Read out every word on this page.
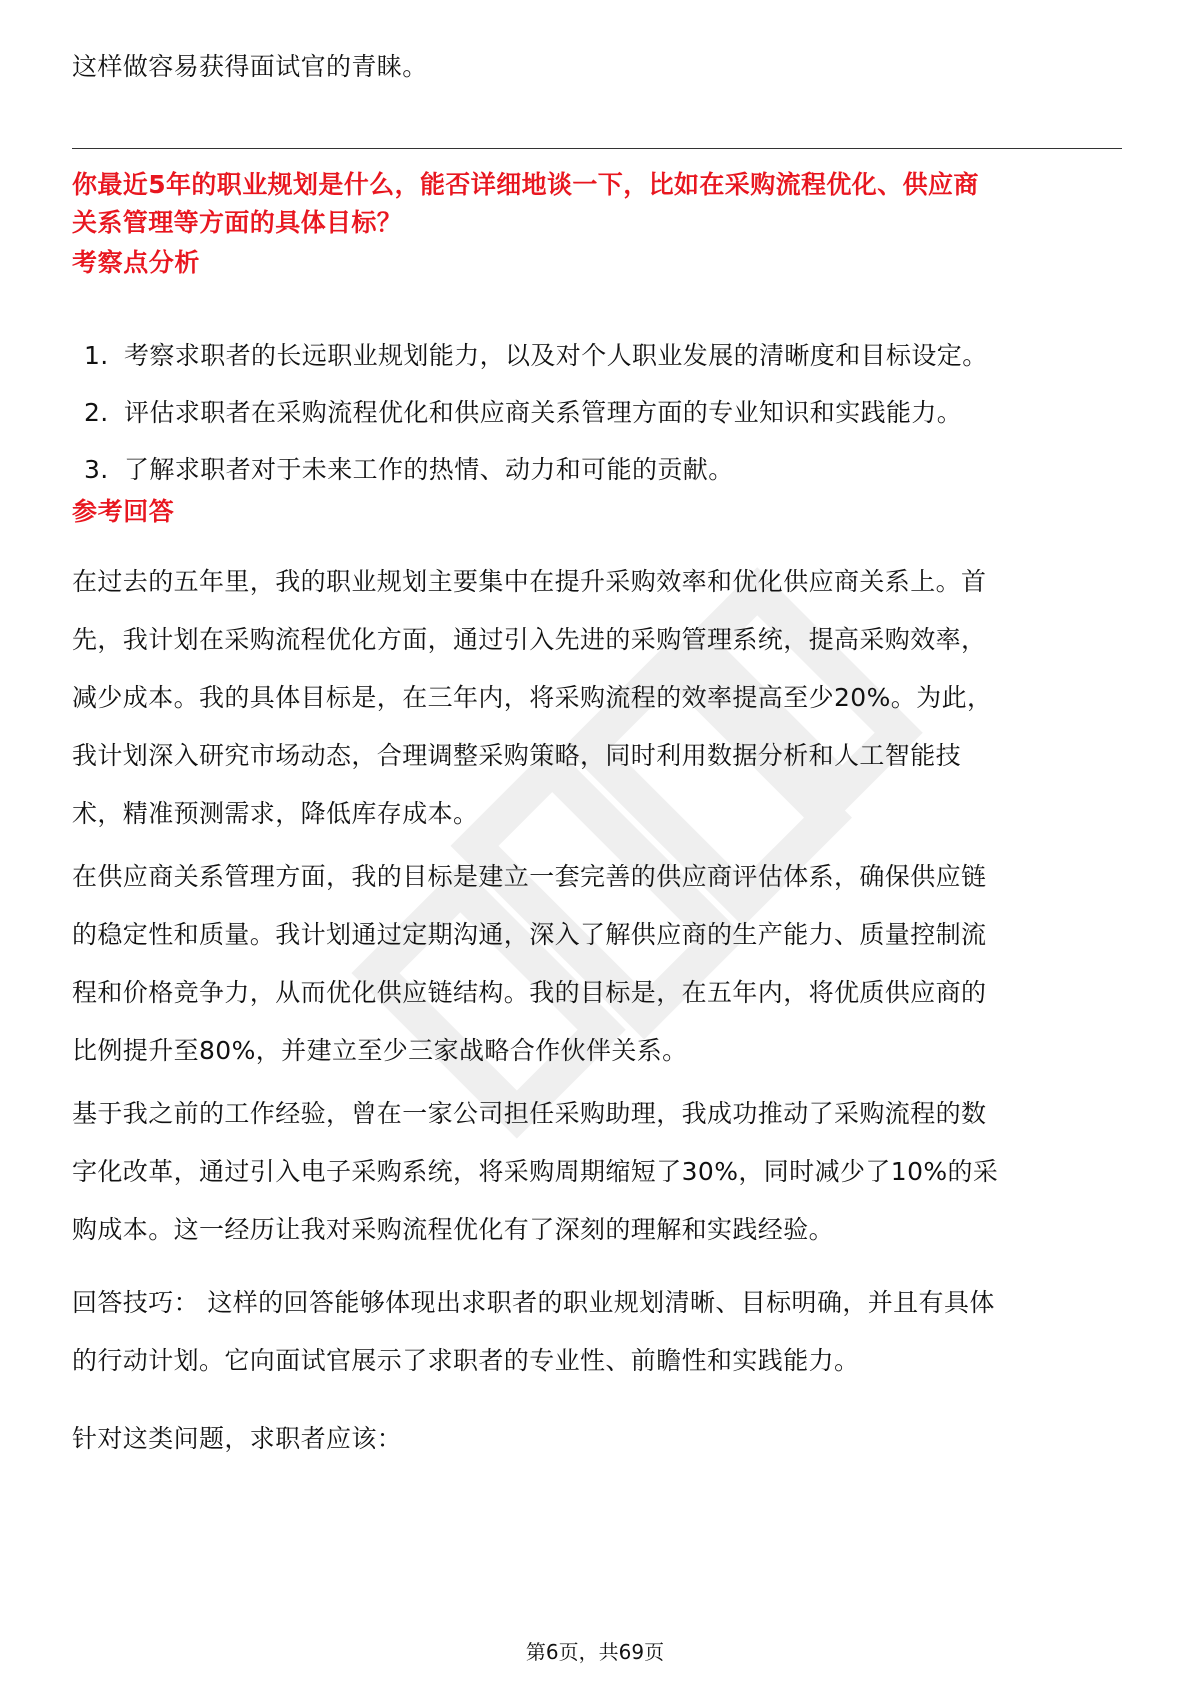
这样做容易获得面试官的青睐。
你最近5年的职业规划是什么，能否详细地谈一下，比如在采购流程优化、供应商
关系管理等方面的具体目标？
考察点分析
1. 考察求职者的长远职业规划能力，以及对个人职业发展的清晰度和目标设定。
2. 评估求职者在采购流程优化和供应商关系管理方面的专业知识和实践能力。
3. 了解求职者对于未来工作的热情、动力和可能的贡献。
参考回答
在过去的五年里，我的职业规划主要集中在提升采购效率和优化供应商关系上。首
先，我计划在采购流程优化方面，通过引入先进的采购管理系统，提高采购效率，
减少成本。我的具体目标是，在三年内，将采购流程的效率提高至少20%。为此，
我计划深入研究市场动态，合理调整采购策略，同时利用数据分析和人工智能技
术，精准预测需求，降低库存成本。
在供应商关系管理方面，我的目标是建立一套完善的供应商评估体系，确保供应链
的稳定性和质量。我计划通过定期沟通，深入了解供应商的生产能力、质量控制流
程和价格竞争力，从而优化供应链结构。我的目标是，在五年内，将优质供应商的
比例提升至80%，并建立至少三家战略合作伙伴关系。
基于我之前的工作经验，曾在一家公司担任采购助理，我成功推动了采购流程的数
字化改革，通过引入电子采购系统，将采购周期缩短了30%，同时减少了10%的采
购成本。这一经历让我对采购流程优化有了深刻的理解和实践经验。
回答技巧： 这样的回答能够体现出求职者的职业规划清晰、目标明确，并且有具体
的行动计划。它向面试官展示了求职者的专业性、前瞻性和实践能力。
针对这类问题，求职者应该：
第6页，共69页
